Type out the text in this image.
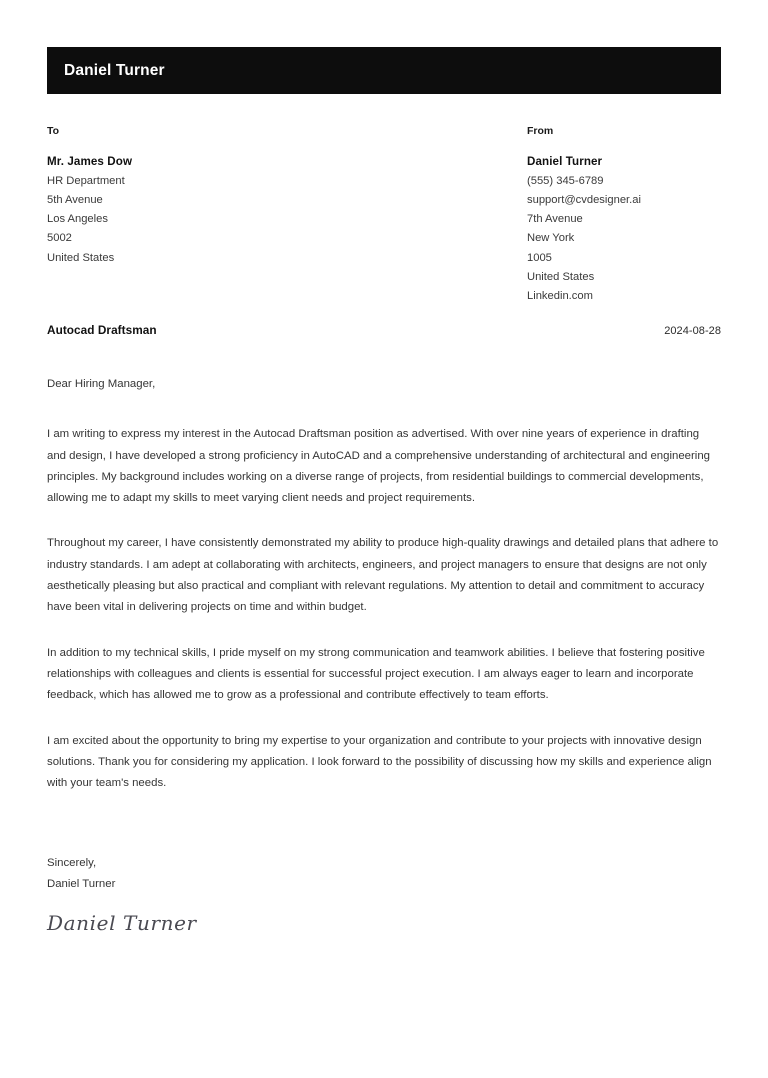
Daniel Turner
To
Mr. James Dow
HR Department
5th Avenue
Los Angeles
5002
United States
From
Daniel Turner
(555) 345-6789
support@cvdesigner.ai
7th Avenue
New York
1005
United States
Linkedin.com
Autocad Draftsman	2024-08-28

Dear Hiring Manager,

I am writing to express my interest in the Autocad Draftsman position as advertised. With over nine years of experience in drafting and design, I have developed a strong proficiency in AutoCAD and a comprehensive understanding of architectural and engineering principles. My background includes working on a diverse range of projects, from residential buildings to commercial developments, allowing me to adapt my skills to meet varying client needs and project requirements.

Throughout my career, I have consistently demonstrated my ability to produce high-quality drawings and detailed plans that adhere to industry standards. I am adept at collaborating with architects, engineers, and project managers to ensure that designs are not only aesthetically pleasing but also practical and compliant with relevant regulations. My attention to detail and commitment to accuracy have been vital in delivering projects on time and within budget.

In addition to my technical skills, I pride myself on my strong communication and teamwork abilities. I believe that fostering positive relationships with colleagues and clients is essential for successful project execution. I am always eager to learn and incorporate feedback, which has allowed me to grow as a professional and contribute effectively to team efforts.

I am excited about the opportunity to bring my expertise to your organization and contribute to your projects with innovative design solutions. Thank you for considering my application. I look forward to the possibility of discussing how my skills and experience align with your team's needs.

Sincerely,
Daniel Turner
Daniel Turner
